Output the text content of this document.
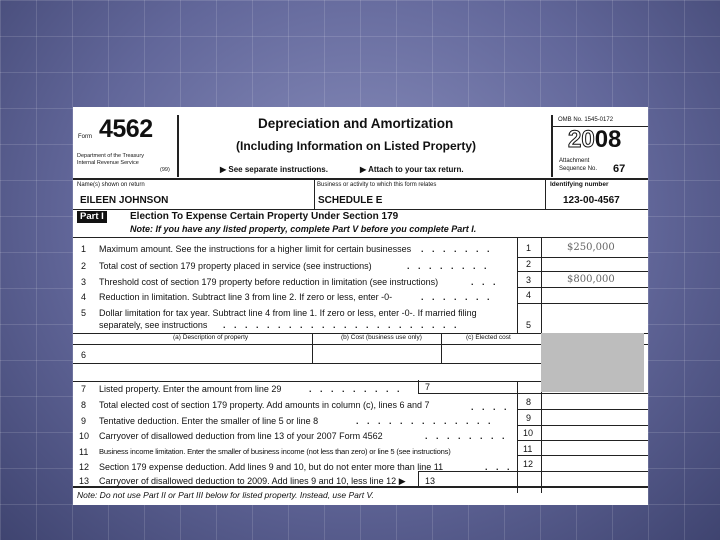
Form 4562
Department of the Treasury
Internal Revenue Service
(99)
Depreciation and Amortization
(Including Information on Listed Property)
▶ See separate instructions.	▶ Attach to your tax return.
OMB No. 1545-0172
2008
Attachment
Sequence No. 67
Name(s) shown on return
EILEEN JOHNSON
Business or activity to which this form relates
SCHEDULE E
Identifying number
123-00-4567
Part I	Election To Expense Certain Property Under Section 179
Note: If you have any listed property, complete Part V before you complete Part I.
1 Maximum amount. See the instructions for a higher limit for certain businesses . . . . . . .	1	$250,000
2 Total cost of section 179 property placed in service (see instructions)	. . . . . . . .	2
3 Threshold cost of section 179 property before reduction in limitation (see instructions)	. . .	3	$800,000
4 Reduction in limitation. Subtract line 3 from line 2. If zero or less, enter -0-	. . . . . . .	4
5 Dollar limitation for tax year. Subtract line 4 from line 1. If zero or less, enter -0-. If married filing
separately, see instructions . . . . . . . . . . . . . . . . . . . . . .	5
(a) Description of property	(b) Cost (business use only)	(c) Elected cost
6
7 Listed property. Enter the amount from line 29	. . . . . . . . . 7
8 Total elected cost of section 179 property. Add amounts in column (c), lines 6 and 7	. . . . 8
9 Tentative deduction. Enter the smaller of line 5 or line 8	. . . . . . . . . . . . .	9
10 Carryover of disallowed deduction from line 13 of your 2007 Form 4562	. . . . . . . . 10
11 Business income limitation. Enter the smaller of business income (not less than zero) or line 5 (see instructions)	11
12 Section 179 expense deduction. Add lines 9 and 10, but do not enter more than line 11	. . . 12
13 Carryover of disallowed deduction to 2009. Add lines 9 and 10, less line 12 ▶ 13
Note: Do not use Part II or Part III below for listed property. Instead, use Part V.
